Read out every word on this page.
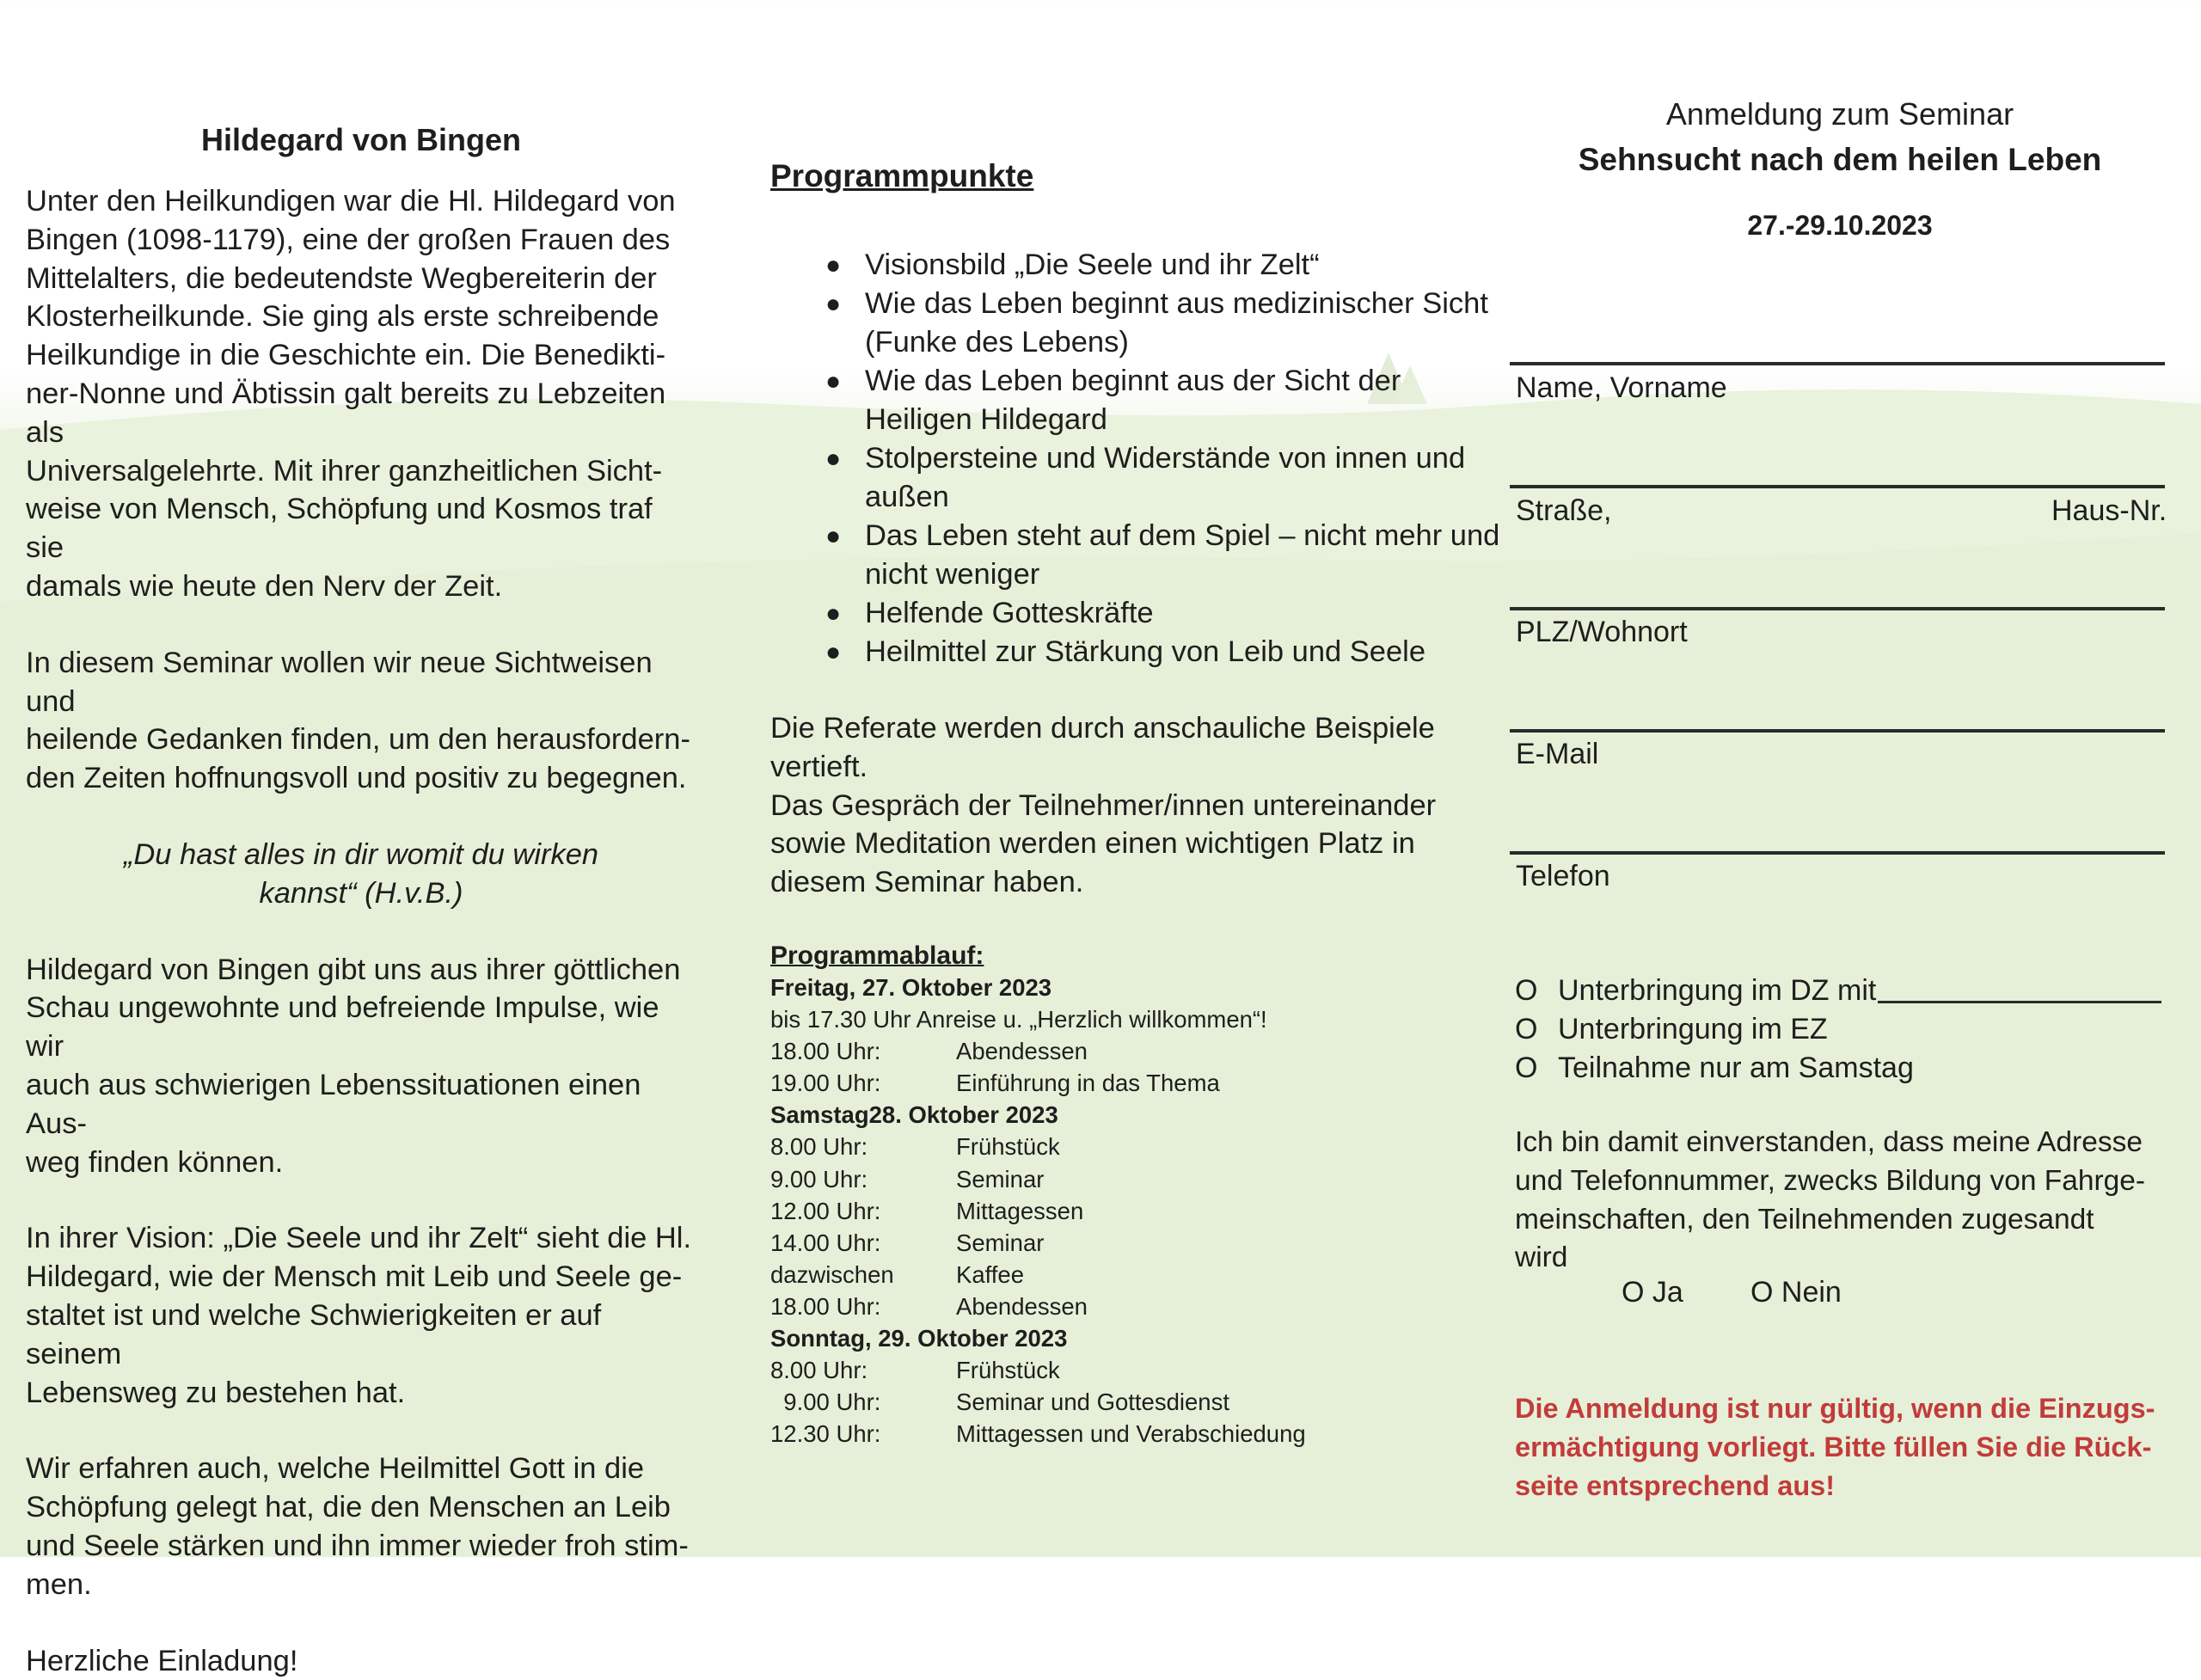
Hildegard von Bingen
Unter den Heilkundigen war die Hl. Hildegard von
Bingen (1098-1179), eine der großen Frauen des
Mittelalters, die bedeutendste Wegbereiterin der
Klosterheilkunde. Sie ging als erste schreibende
Heilkundige in die Geschichte ein. Die Benedikti-
ner-Nonne und Äbtissin galt bereits zu Lebzeiten als
Universalgelehrte. Mit ihrer ganzheitlichen Sicht-
weise von Mensch, Schöpfung und Kosmos traf sie
damals wie heute den Nerv der Zeit.
In diesem Seminar wollen wir neue Sichtweisen und
heilende Gedanken finden, um den herausfordern-
den Zeiten hoffnungsvoll und positiv zu begegnen.
„Du hast alles in dir womit du wirken
kannst“ (H.v.B.)
Hildegard von Bingen gibt uns aus ihrer göttlichen
Schau ungewohnte und befreiende Impulse, wie wir
auch aus schwierigen Lebenssituationen einen Aus-
weg finden können.
In ihrer Vision: „Die Seele und ihr Zelt“ sieht die Hl.
Hildegard, wie der Mensch mit Leib und Seele ge-
staltet ist und welche Schwierigkeiten er auf seinem
Lebensweg zu bestehen hat.
Wir erfahren auch, welche Heilmittel Gott in die
Schöpfung gelegt hat, die den Menschen an Leib
und Seele stärken und ihn immer wieder froh stim-
men.

Herzliche Einladung!

Programmpunkte
● Visionsbild „Die Seele und ihr Zelt“
● Wie das Leben beginnt aus medizinischer Sicht
(Funke des Lebens)
● Wie das Leben beginnt aus der Sicht der
Heiligen Hildegard
● Stolpersteine und Widerstände von innen und
außen
● Das Leben steht auf dem Spiel – nicht mehr und
nicht weniger
● Helfende Gotteskräfte
● Heilmittel zur Stärkung von Leib und Seele
Die Referate werden durch anschauliche Beispiele
vertieft.
Das Gespräch der Teilnehmer/innen untereinander
sowie Meditation werden einen wichtigen Platz in
diesem Seminar haben.
Programmablauf:
Freitag, 27. Oktober 2023
bis 17.30 Uhr Anreise u. „Herzlich willkommen“!
18.00 Uhr:	Abendessen
19.00 Uhr:	Einführung in das Thema
Samstag28. Oktober 2023
8.00 Uhr:	Frühstück
9.00 Uhr:	Seminar
12.00 Uhr:	Mittagessen
14.00 Uhr:	Seminar
dazwischen	Kaffee
18.00 Uhr:	Abendessen
Sonntag, 29. Oktober 2023
8.00 Uhr:	Frühstück
9.00 Uhr:	Seminar und Gottesdienst
12.30 Uhr:	Mittagessen und Verabschiedung
Anmeldung zum Seminar
Sehnsucht nach dem heilen Leben
27.-29.10.2023
Name, Vorname
Straße,	Haus-Nr.
PLZ/Wohnort
E-Mail
Telefon
O Unterbringung im DZ mit
O Unterbringung im EZ
O Teilnahme nur am Samstag
Ich bin damit einverstanden, dass meine Adresse
und Telefonnummer, zwecks Bildung von Fahrge-
meinschaften, den Teilnehmenden zugesandt
wird
O Ja O Nein
Die Anmeldung ist nur gültig, wenn die Einzugs-
ermächtigung vorliegt. Bitte füllen Sie die Rück-
seite entsprechend aus!
